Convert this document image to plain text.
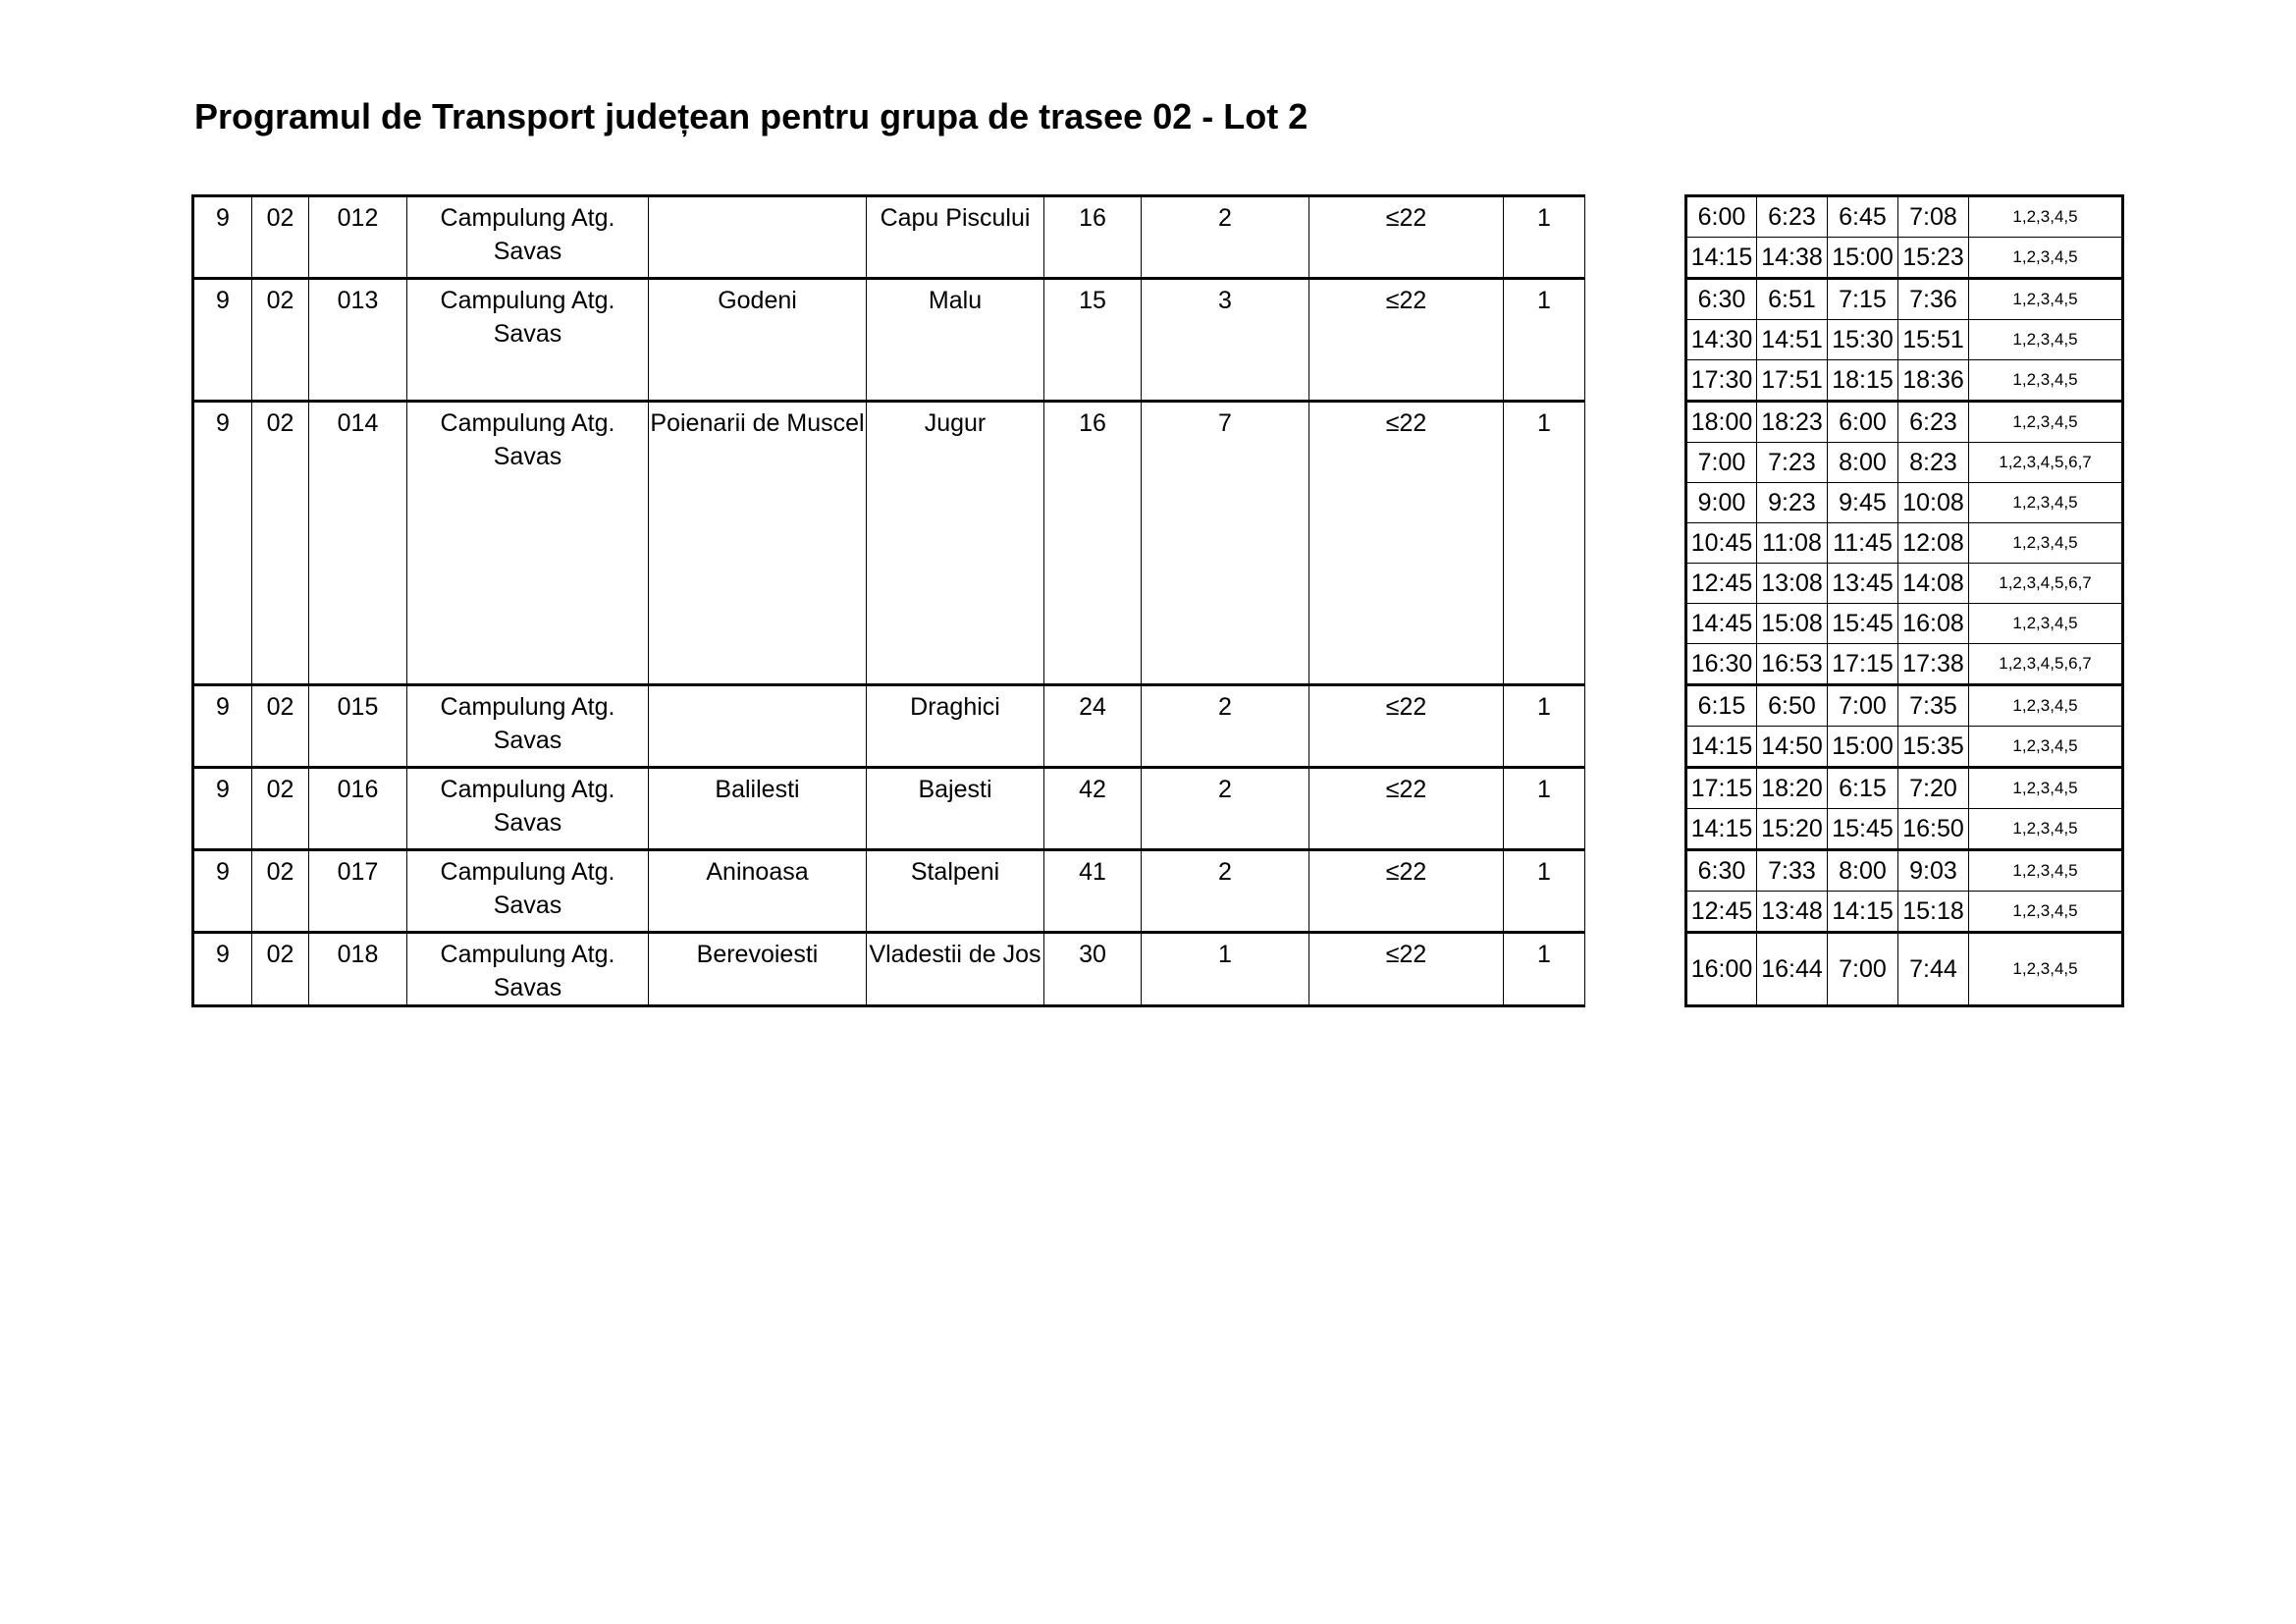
Programul de Transport județean pentru grupa de trasee 02 - Lot 2
9	02	012	Campulung Atg. Savas		Capu Piscului	16	2	≤22	1		6:00	6:23	6:45	7:08	1,2,3,4,5
											14:15	14:38	15:00	15:23	1,2,3,4,5
9	02	013	Campulung Atg. Savas	Godeni	Malu	15	3	≤22	1		6:30	6:51	7:15	7:36	1,2,3,4,5
											14:30	14:51	15:30	15:51	1,2,3,4,5
											17:30	17:51	18:15	18:36	1,2,3,4,5
9	02	014	Campulung Atg. Savas	Poienarii de Muscel	Jugur	16	7	≤22	1		18:00	18:23	6:00	6:23	1,2,3,4,5
											7:00	7:23	8:00	8:23	1,2,3,4,5,6,7
											9:00	9:23	9:45	10:08	1,2,3,4,5
											10:45	11:08	11:45	12:08	1,2,3,4,5
											12:45	13:08	13:45	14:08	1,2,3,4,5,6,7
											14:45	15:08	15:45	16:08	1,2,3,4,5
											16:30	16:53	17:15	17:38	1,2,3,4,5,6,7
9	02	015	Campulung Atg. Savas		Draghici	24	2	≤22	1		6:15	6:50	7:00	7:35	1,2,3,4,5
											14:15	14:50	15:00	15:35	1,2,3,4,5
9	02	016	Campulung Atg. Savas	Balilesti	Bajesti	42	2	≤22	1		17:15	18:20	6:15	7:20	1,2,3,4,5
											14:15	15:20	15:45	16:50	1,2,3,4,5
9	02	017	Campulung Atg. Savas	Aninoasa	Stalpeni	41	2	≤22	1		6:30	7:33	8:00	9:03	1,2,3,4,5
											12:45	13:48	14:15	15:18	1,2,3,4,5
9	02	018	Campulung Atg. Savas	Berevoiesti	Vladestii de Jos	30	1	≤22	1		16:00	16:44	7:00	7:44	1,2,3,4,5
